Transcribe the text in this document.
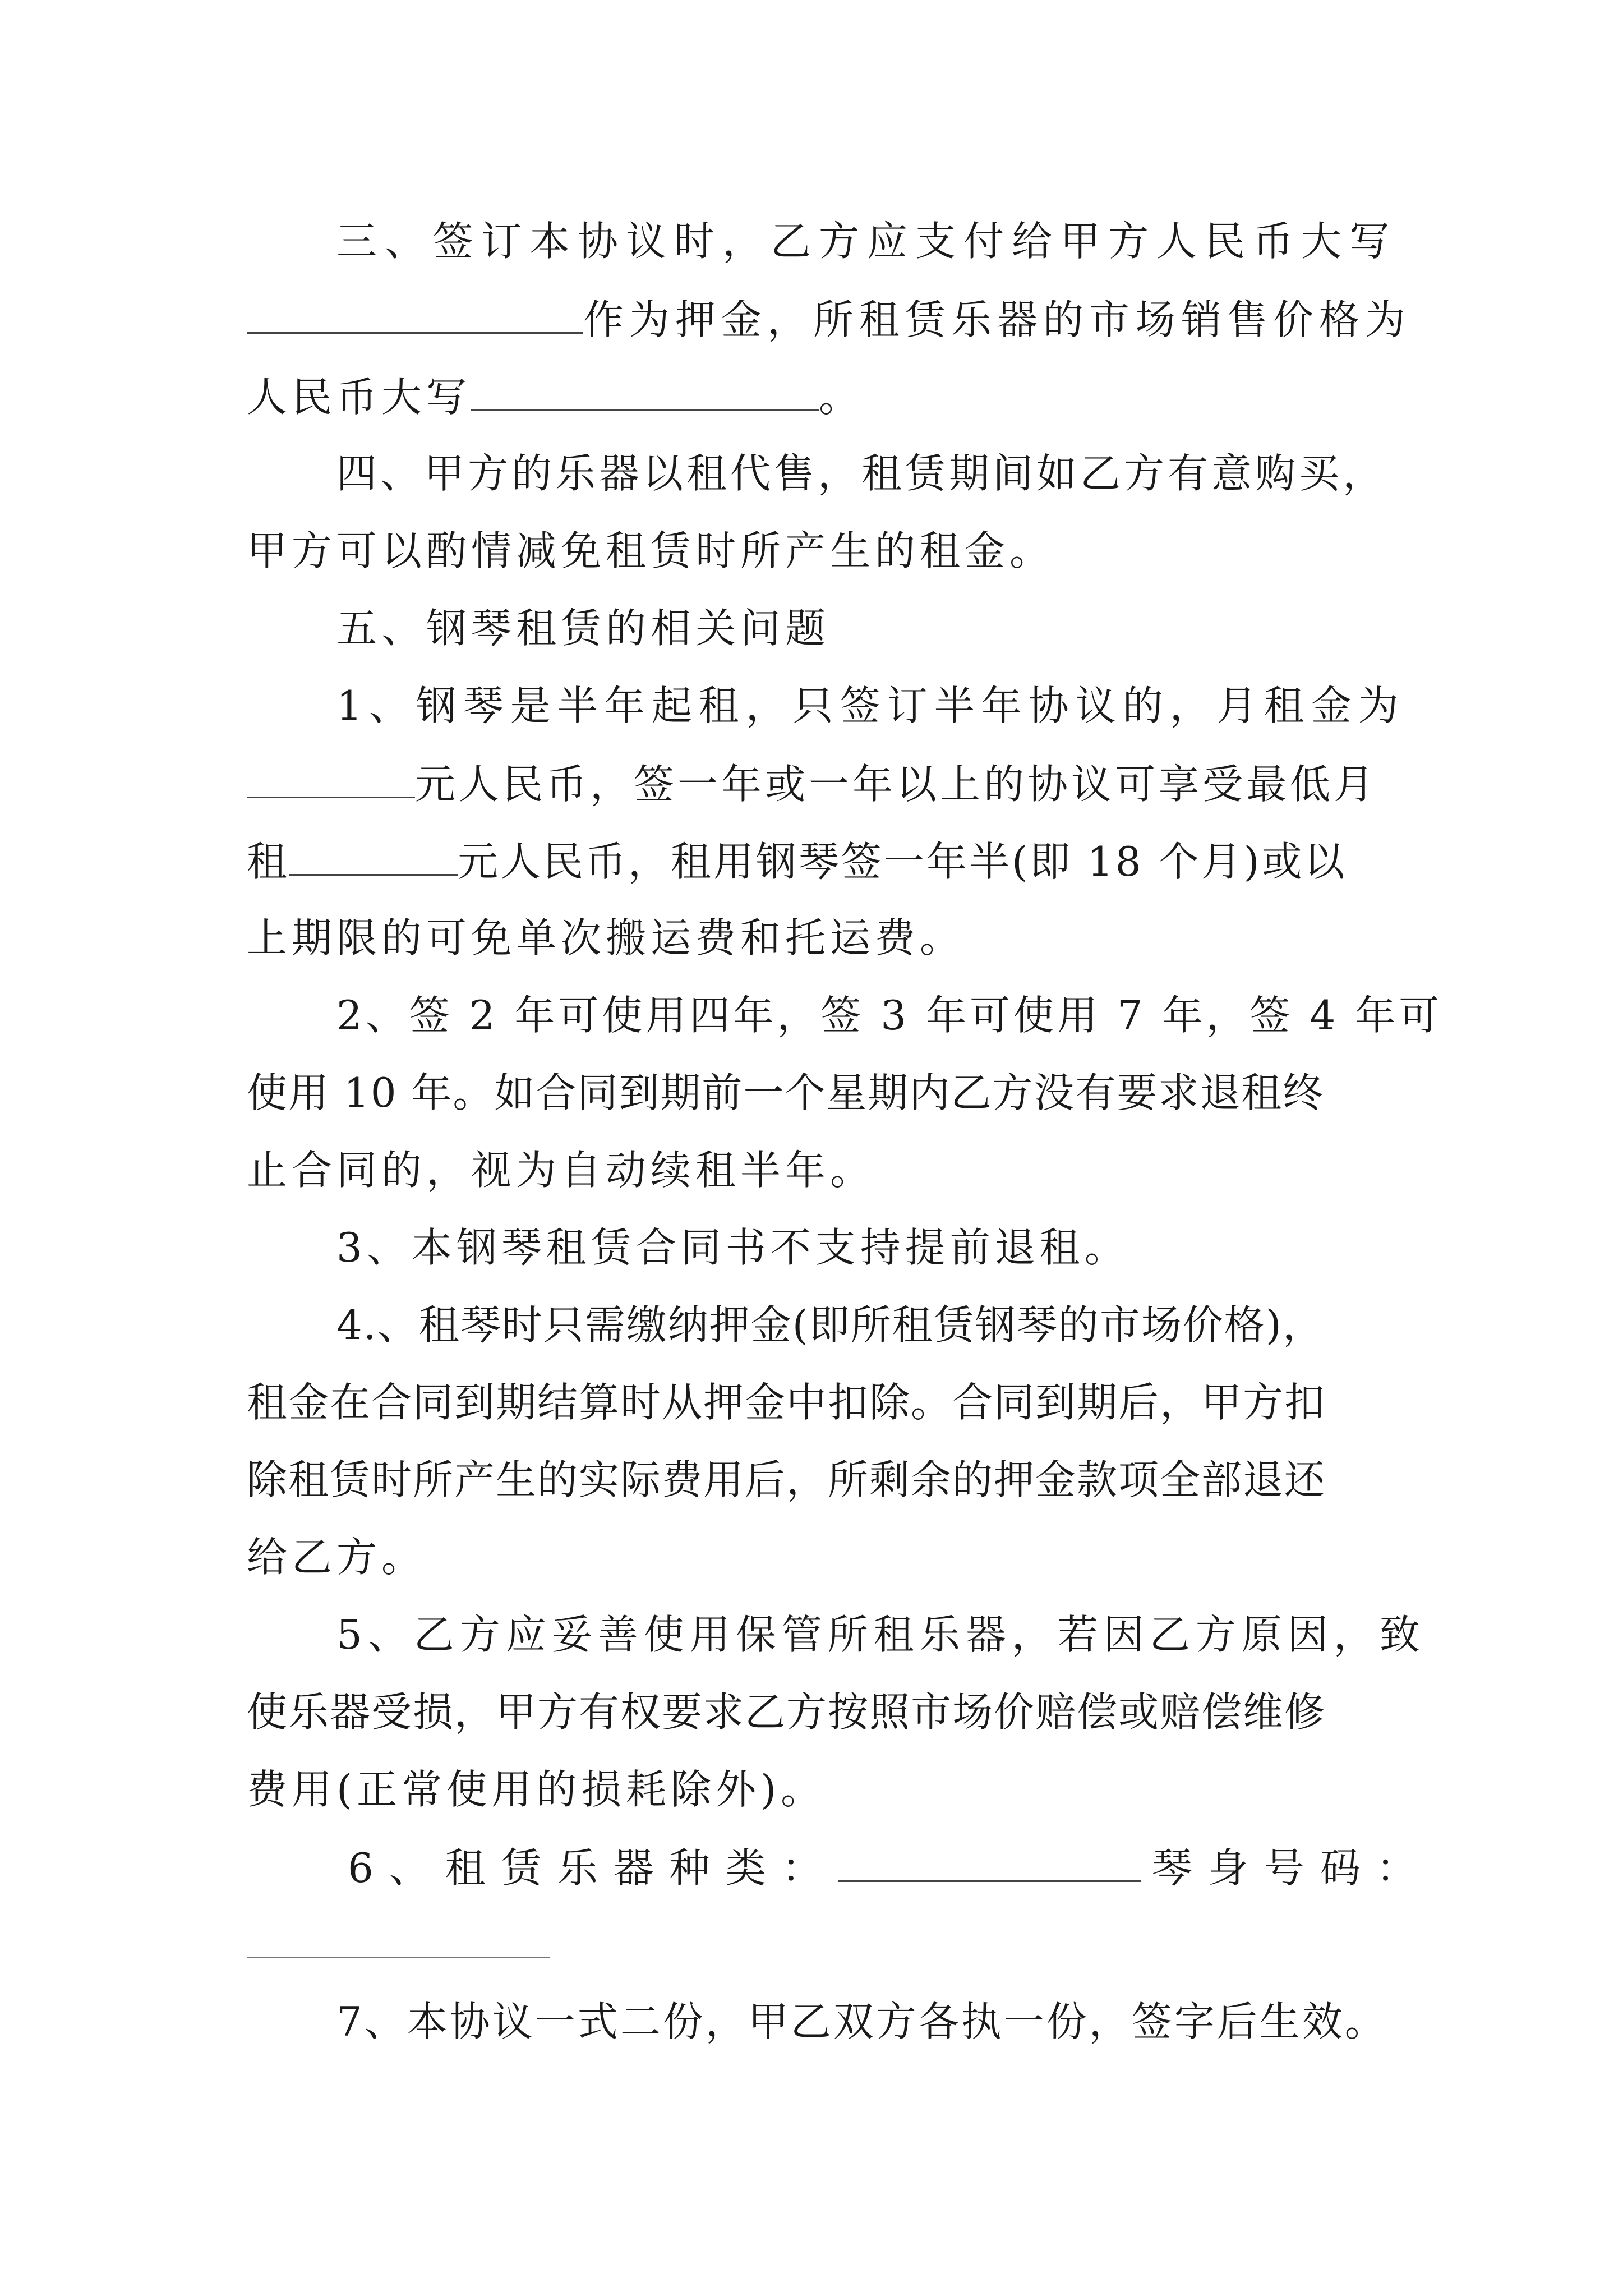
三、签订本协议时，乙方应支付给甲方人民币大写
作为押金，所租赁乐器的市场销售价格为
人民币大写	。
四、甲方的乐器以租代售，租赁期间如乙方有意购买，
甲方可以酌情减免租赁时所产生的租金。
五、钢琴租赁的相关问题
1、钢琴是半年起租，只签订半年协议的，月租金为
元人民币，签一年或一年以上的协议可享受最低月
租	元人民币，租用钢琴签一年半(即 18 个月)或以
上期限的可免单次搬运费和托运费。
2、签 2 年可使用四年，签 3 年可使用 7 年，签 4 年可
使用 10 年。如合同到期前一个星期内乙方没有要求退租终
止合同的，视为自动续租半年。
3、本钢琴租赁合同书不支持提前退租。
4.、租琴时只需缴纳押金(即所租赁钢琴的市场价格)，
租金在合同到期结算时从押金中扣除。合同到期后，甲方扣
除租赁时所产生的实际费用后，所剩余的押金款项全部退还
给乙方。
5、乙方应妥善使用保管所租乐器，若因乙方原因，致
使乐器受损，甲方有权要求乙方按照市场价赔偿或赔偿维修
费用(正常使用的损耗除外)。
6、租赁乐器种类：	琴身号码：
7、本协议一式二份，甲乙双方各执一份，签字后生效。
